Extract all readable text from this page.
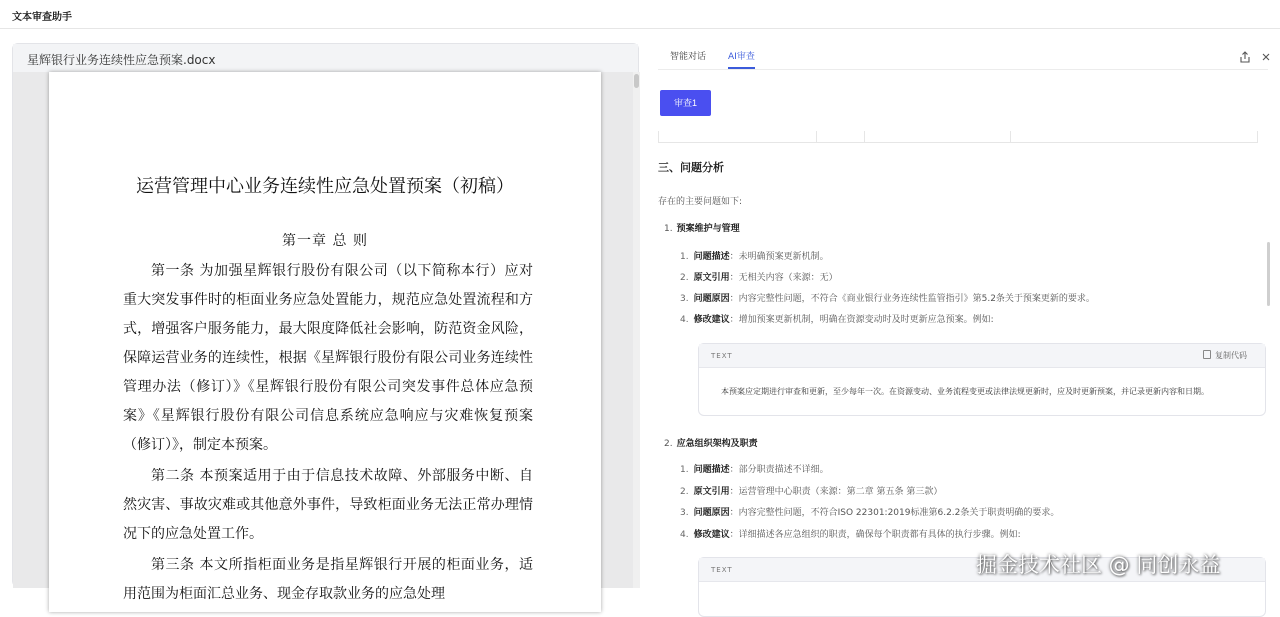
文本审查助手
星辉银行业务连续性应急预案.docx
运营管理中心业务连续性应急处置预案（初稿）
第一章 总 则

第一条 为加强星辉银行股份有限公司（以下简称本行）应对重大突发事件时的柜面业务应急处置能力，规范应急处置流程和方式，增强客户服务能力，最大限度降低社会影响，防范资金风险，保障运营业务的连续性，根据《星辉银行股份有限公司业务连续性管理办法（修订）》《星辉银行股份有限公司突发事件总体应急预案》《星辉银行股份有限公司信息系统应急响应与灾难恢复预案（修订）》，制定本预案。

第二条 本预案适用于由于信息技术故障、外部服务中断、自然灾害、事故灾难或其他意外事件，导致柜面业务无法正常办理情况下的应急处置工作。

第三条 本文所指柜面业务是指星辉银行开展的柜面业务，适用范围为柜面汇总业务、现金存取款业务的应急处理

智能对话 AI审查
审查1
三、问题分析
存在的主要问题如下:
1. 预案维护与管理
1. 问题描述：未明确预案更新机制。
2. 原文引用：无相关内容（来源：无）
3. 问题原因：内容完整性问题，不符合《商业银行业务连续性监管指引》第5.2条关于预案更新的要求。
4. 修改建议：增加预案更新机制，明确在资源变动时及时更新应急预案。例如:
TEXT	复制代码
本预案应定期进行审查和更新，至少每年一次。在资源变动、业务流程变更或法律法规更新时，应及时更新预案，并记录更新内容和日期。
2. 应急组织架构及职责
1. 问题描述：部分职责描述不详细。
2. 原文引用：运营管理中心职责（来源：第二章 第五条 第三款）
3. 问题原因：内容完整性问题，不符合ISO 22301:2019标准第6.2.2条关于职责明确的要求。
4. 修改建议：详细描述各应急组织的职责，确保每个职责都有具体的执行步骤。例如:
TEXT	掘金技术社区 @ 同创永益
